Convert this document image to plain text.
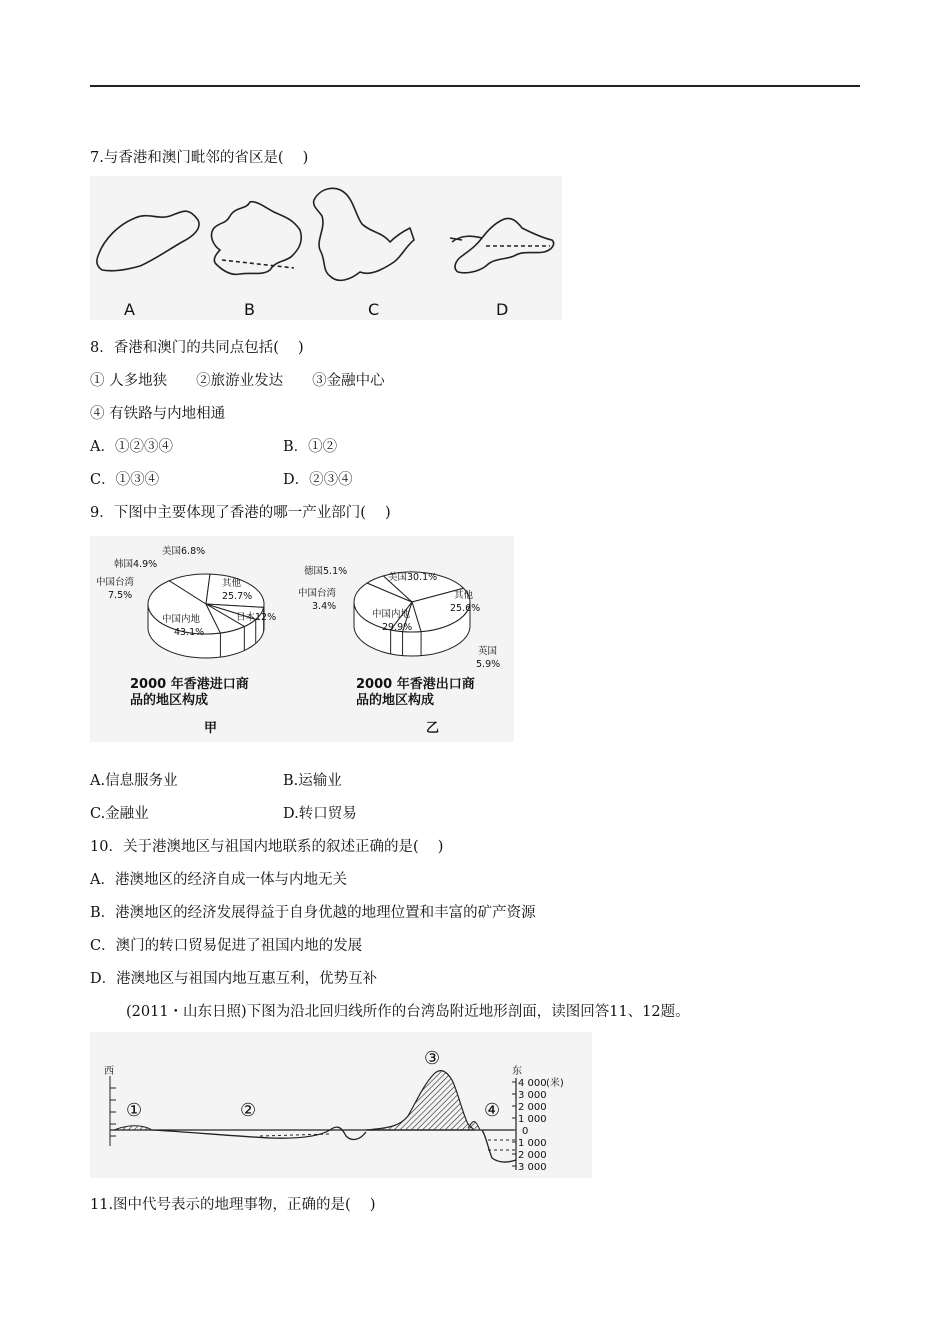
7.与香港和澳门毗邻的省区是(　 )
A	B	C	D
8．香港和澳门的共同点包括(　 )
① 人多地狭　　②旅游业发达　　③金融中心
④ 有铁路与内地相通
A．①②③④	B．①②
C．①③④	D．②③④
9．下图中主要体现了香港的哪一产业部门(　 )
美国6.8%
韩国4.9%
中国台湾
7.5%
其他
25.7%
日本12%
中国内地
43.1%
德国5.1%
美国30.1%
中国台湾
3.4%
其他
25.6%
中国内地
29.9%
英国
5.9%
2000 年香港进口商
品的地区构成
甲
2000 年香港出口商
品的地区构成
乙
A.信息服务业	B.运输业
C.金融业	D.转口贸易
10．关于港澳地区与祖国内地联系的叙述正确的是(　 )
A．港澳地区的经济自成一体与内地无关
B．港澳地区的经济发展得益于自身优越的地理位置和丰富的矿产资源
C．澳门的转口贸易促进了祖国内地的发展
D．港澳地区与祖国内地互惠互利，优势互补
(2011・山东日照)下图为沿北回归线所作的台湾岛附近地形剖面，读图回答11、12题。
西	东
(米)
4 000
3 000
2 000
1 000
0
1 000
2 000
3 000
①	②
③
④
11.图中代号表示的地理事物，正确的是(　 )
